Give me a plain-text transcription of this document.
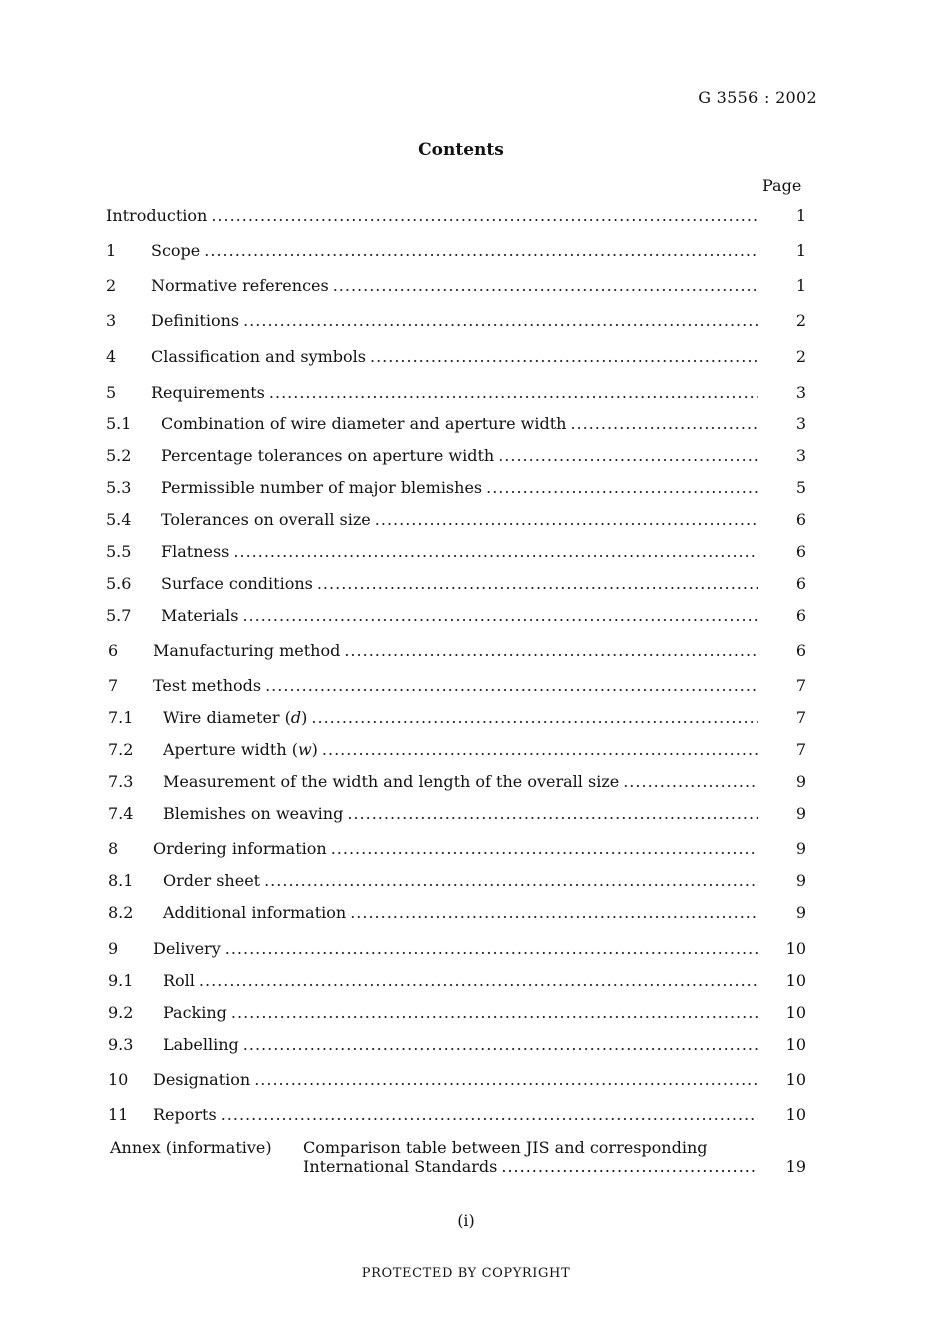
G 3556 : 2002
Contents
Page
Introduction .....	1
1 Scope .....	1
2 Normative references .....	1
3 Definitions .....	2
4 Classification and symbols .....	2
5 Requirements .....	3
5.1 Combination of wire diameter and aperture width .....	3
5.2 Percentage tolerances on aperture width .....	3
5.3 Permissible number of major blemishes .....	5
5.4 Tolerances on overall size .....	6
5.5 Flatness .....	6
5.6 Surface conditions .....	6
5.7 Materials .....	6
6 Manufacturing method .....	6
7 Test methods .....	7
7.1 Wire diameter (d) .....	7
7.2 Aperture width (w) .....	7
7.3 Measurement of the width and length of the overall size .....	9
7.4 Blemishes on weaving .....	9
8 Ordering information .....	9
8.1 Order sheet .....	9
8.2 Additional information .....	9
9 Delivery .....	10
9.1 Roll .....	10
9.2 Packing .....	10
9.3 Labelling .....	10
10 Designation .....	10
11 Reports .....	10
Annex (informative) Comparison table between JIS and corresponding
International Standards .....	19
(i)
PROTECTED BY COPYRIGHT
